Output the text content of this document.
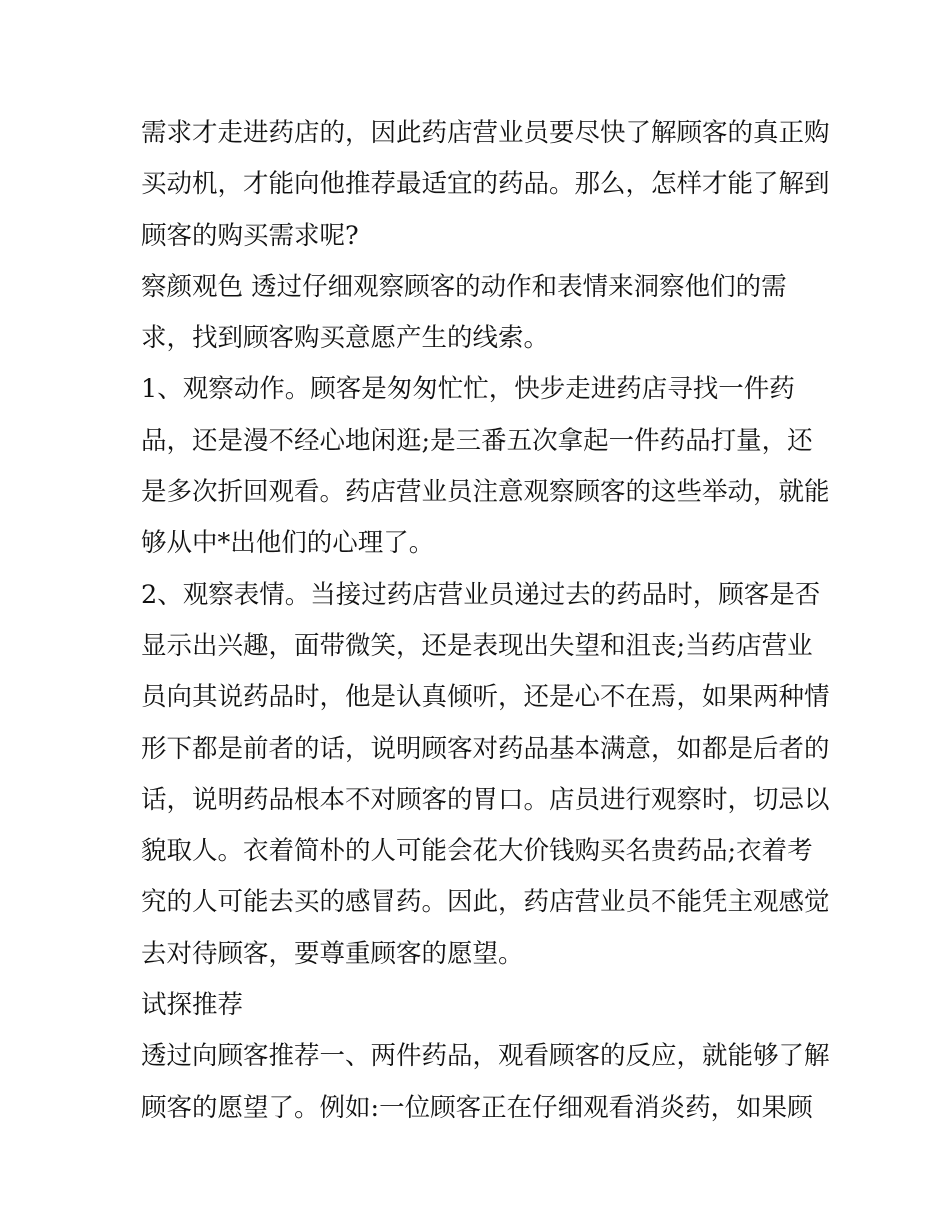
需求才走进药店的，因此药店营业员要尽快了解顾客的真正购
买动机，才能向他推荐最适宜的药品。那么，怎样才能了解到
顾客的购买需求呢?
察颜观色 透过仔细观察顾客的动作和表情来洞察他们的需
求，找到顾客购买意愿产生的线索。
1、观察动作。顾客是匆匆忙忙，快步走进药店寻找一件药
品，还是漫不经心地闲逛;是三番五次拿起一件药品打量，还
是多次折回观看。药店营业员注意观察顾客的这些举动，就能
够从中*出他们的心理了。
2、观察表情。当接过药店营业员递过去的药品时，顾客是否
显示出兴趣，面带微笑，还是表现出失望和沮丧;当药店营业
员向其说药品时，他是认真倾听，还是心不在焉，如果两种情
形下都是前者的话，说明顾客对药品基本满意，如都是后者的
话，说明药品根本不对顾客的胃口。店员进行观察时，切忌以
貌取人。衣着简朴的人可能会花大价钱购买名贵药品;衣着考
究的人可能去买的感冒药。因此，药店营业员不能凭主观感觉
去对待顾客，要尊重顾客的愿望。
试探推荐
透过向顾客推荐一、两件药品，观看顾客的反应，就能够了解
顾客的愿望了。例如:一位顾客正在仔细观看消炎药，如果顾
